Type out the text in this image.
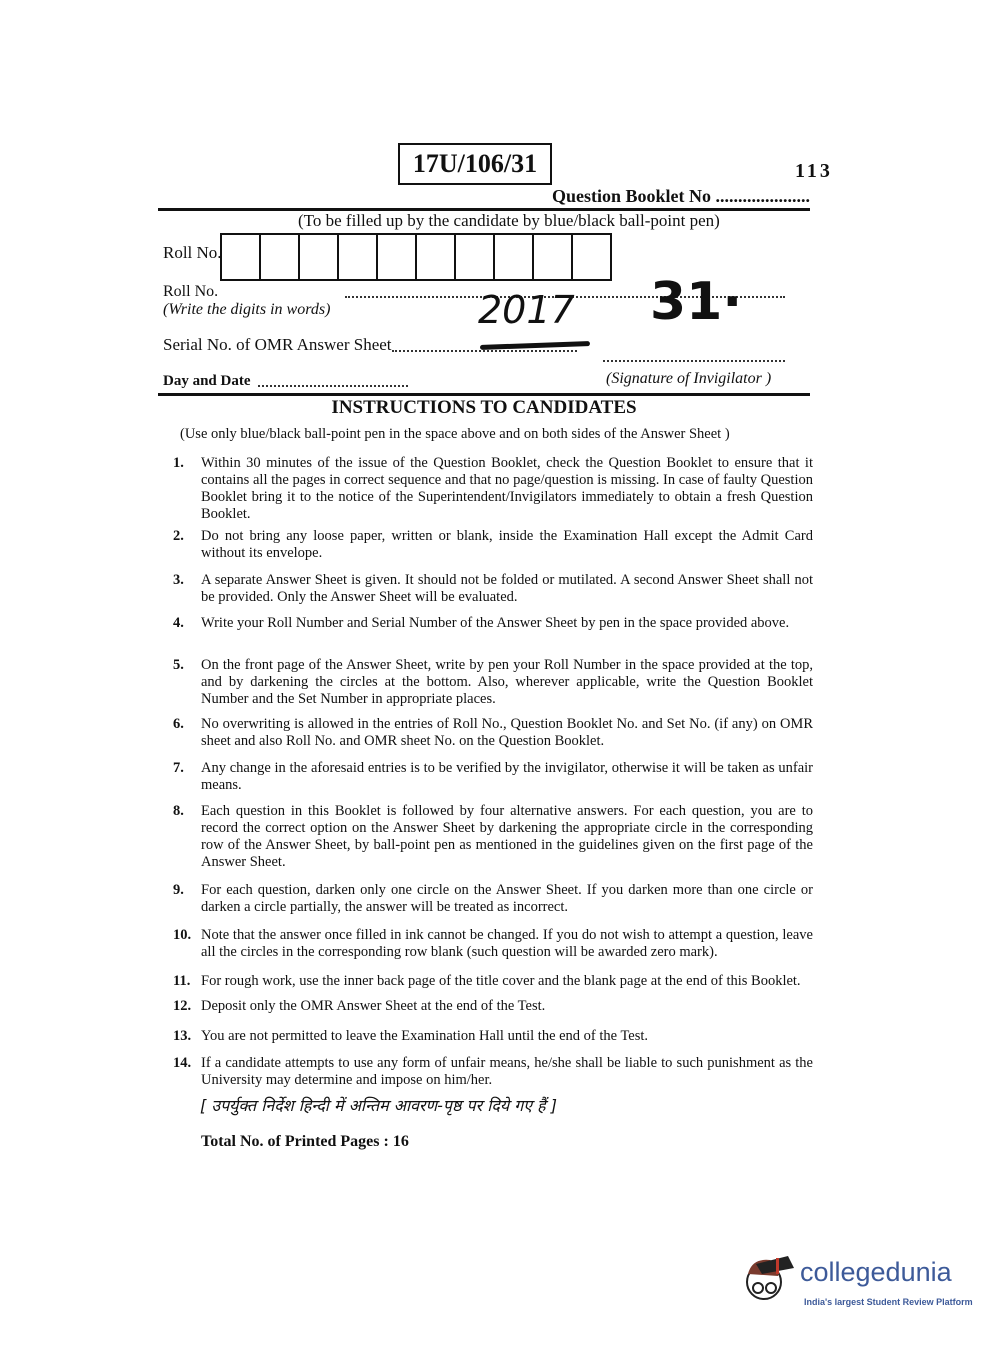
17U/106/31	113
Question Booklet No .....................
(To be filled up by the candidate by blue/black ball-point pen)
Roll No.
Roll No.
(Write the digits in words)	2017 31·
Serial No. of OMR Answer Sheet
(Signature of Invigilator )
Day and Date
INSTRUCTIONS TO CANDIDATES
(Use only blue/black ball-point pen in the space above and on both sides of the Answer Sheet )
1. Within 30 minutes of the issue of the Question Booklet, check the Question Booklet to ensure that it contains all the pages in correct sequence and that no page/question is missing. In case of faulty Question Booklet bring it to the notice of the Superintendent/Invigilators immediately to obtain a fresh Question Booklet.
2. Do not bring any loose paper, written or blank, inside the Examination Hall except the Admit Card without its envelope.
3. A separate Answer Sheet is given. It should not be folded or mutilated. A second Answer Sheet shall not be provided. Only the Answer Sheet will be evaluated.
4. Write your Roll Number and Serial Number of the Answer Sheet by pen in the space provided above.
5. On the front page of the Answer Sheet, write by pen your Roll Number in the space provided at the top, and by darkening the circles at the bottom. Also, wherever applicable, write the Question Booklet Number and the Set Number in appropriate places.
6. No overwriting is allowed in the entries of Roll No., Question Booklet No. and Set No. (if any) on OMR sheet and also Roll No. and OMR sheet No. on the Question Booklet.
7. Any change in the aforesaid entries is to be verified by the invigilator, otherwise it will be taken as unfair means.
8. Each question in this Booklet is followed by four alternative answers. For each question, you are to record the correct option on the Answer Sheet by darkening the appropriate circle in the corresponding row of the Answer Sheet, by ball-point pen as mentioned in the guidelines given on the first page of the Answer Sheet.
9. For each question, darken only one circle on the Answer Sheet. If you darken more than one circle or darken a circle partially, the answer will be treated as incorrect.
10. Note that the answer once filled in ink cannot be changed. If you do not wish to attempt a question, leave all the circles in the corresponding row blank (such question will be awarded zero mark).
11. For rough work, use the inner back page of the title cover and the blank page at the end of this Booklet.
12. Deposit only the OMR Answer Sheet at the end of the Test.
13. You are not permitted to leave the Examination Hall until the end of the Test.
14. If a candidate attempts to use any form of unfair means, he/she shall be liable to such punishment as the University may determine and impose on him/her.
[ उपर्युक्त निर्देश हिन्दी में अन्तिम आवरण-पृष्ठ पर दिये गए हैं ]
Total No. of Printed Pages : 16
collegedunia
India's largest Student Review Platform
